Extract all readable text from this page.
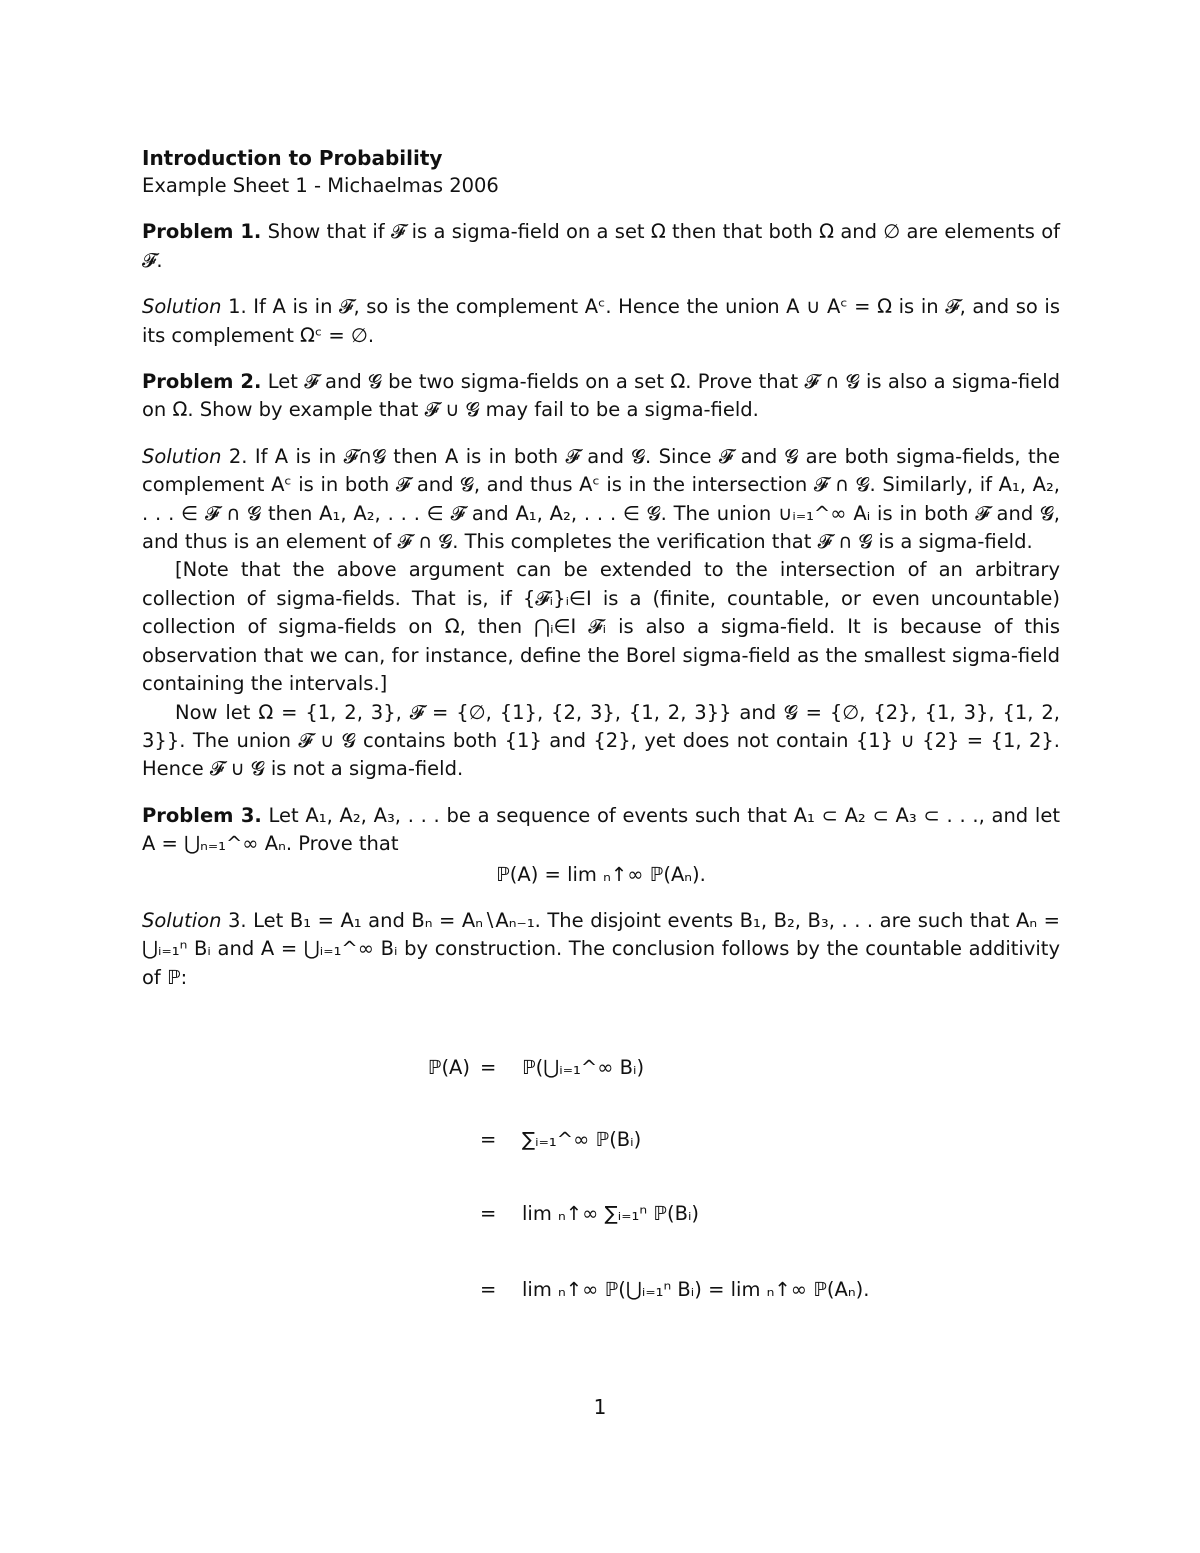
Introduction to Probability

Example Sheet 1 - Michaelmas 2006

Problem 1. Show that if 𝓕 is a sigma-field on a set Ω then that both Ω and ∅ are elements of 𝓕.

Solution 1. If A is in 𝓕, so is the complement Aᶜ. Hence the union A ∪ Aᶜ = Ω is in 𝓕, and so is its complement Ωᶜ = ∅.

Problem 2. Let 𝓕 and 𝓖 be two sigma-fields on a set Ω. Prove that 𝓕 ∩ 𝓖 is also a sigma-field on Ω. Show by example that 𝓕 ∪ 𝓖 may fail to be a sigma-field.

Solution 2. If A is in 𝓕∩𝓖 then A is in both 𝓕 and 𝓖. Since 𝓕 and 𝓖 are both sigma-fields, the complement Aᶜ is in both 𝓕 and 𝓖, and thus Aᶜ is in the intersection 𝓕 ∩ 𝓖. Similarly, if A₁, A₂, . . . ∈ 𝓕 ∩ 𝓖 then A₁, A₂, . . . ∈ 𝓕 and A₁, A₂, . . . ∈ 𝓖. The union ∪ᵢ₌₁^∞ Aᵢ is in both 𝓕 and 𝓖, and thus is an element of 𝓕 ∩ 𝓖. This completes the verification that 𝓕 ∩ 𝓖 is a sigma-field.

[Note that the above argument can be extended to the intersection of an arbitrary collection of sigma-fields. That is, if {𝓕ᵢ}ᵢ∈I is a (finite, countable, or even uncountable) collection of sigma-fields on Ω, then ⋂ᵢ∈I 𝓕ᵢ is also a sigma-field. It is because of this observation that we can, for instance, define the Borel sigma-field as the smallest sigma-field containing the intervals.]

Now let Ω = {1, 2, 3}, 𝓕 = {∅, {1}, {2, 3}, {1, 2, 3}} and 𝓖 = {∅, {2}, {1, 3}, {1, 2, 3}}. The union 𝓕 ∪ 𝓖 contains both {1} and {2}, yet does not contain {1} ∪ {2} = {1, 2}. Hence 𝓕 ∪ 𝓖 is not a sigma-field.

Problem 3. Let A₁, A₂, A₃, . . . be a sequence of events such that A₁ ⊂ A₂ ⊂ A₃ ⊂ . . ., and let A = ⋃ₙ₌₁^∞ Aₙ. Prove that

ℙ(A) = lim ₙ↑∞ ℙ(Aₙ).

Solution 3. Let B₁ = A₁ and Bₙ = Aₙ∖Aₙ₋₁. The disjoint events B₁, B₂, B₃, . . . are such that Aₙ = ⋃ᵢ₌₁ⁿ Bᵢ and A = ⋃ᵢ₌₁^∞ Bᵢ by construction. The conclusion follows by the countable additivity of ℙ:

ℙ(A) = ℙ(⋃ᵢ₌₁^∞ Bᵢ)
= ∑ᵢ₌₁^∞ ℙ(Bᵢ)
= lim ₙ↑∞ ∑ᵢ₌₁ⁿ ℙ(Bᵢ)
= lim ₙ↑∞ ℙ(⋃ᵢ₌₁ⁿ Bᵢ) = lim ₙ↑∞ ℙ(Aₙ).
1
